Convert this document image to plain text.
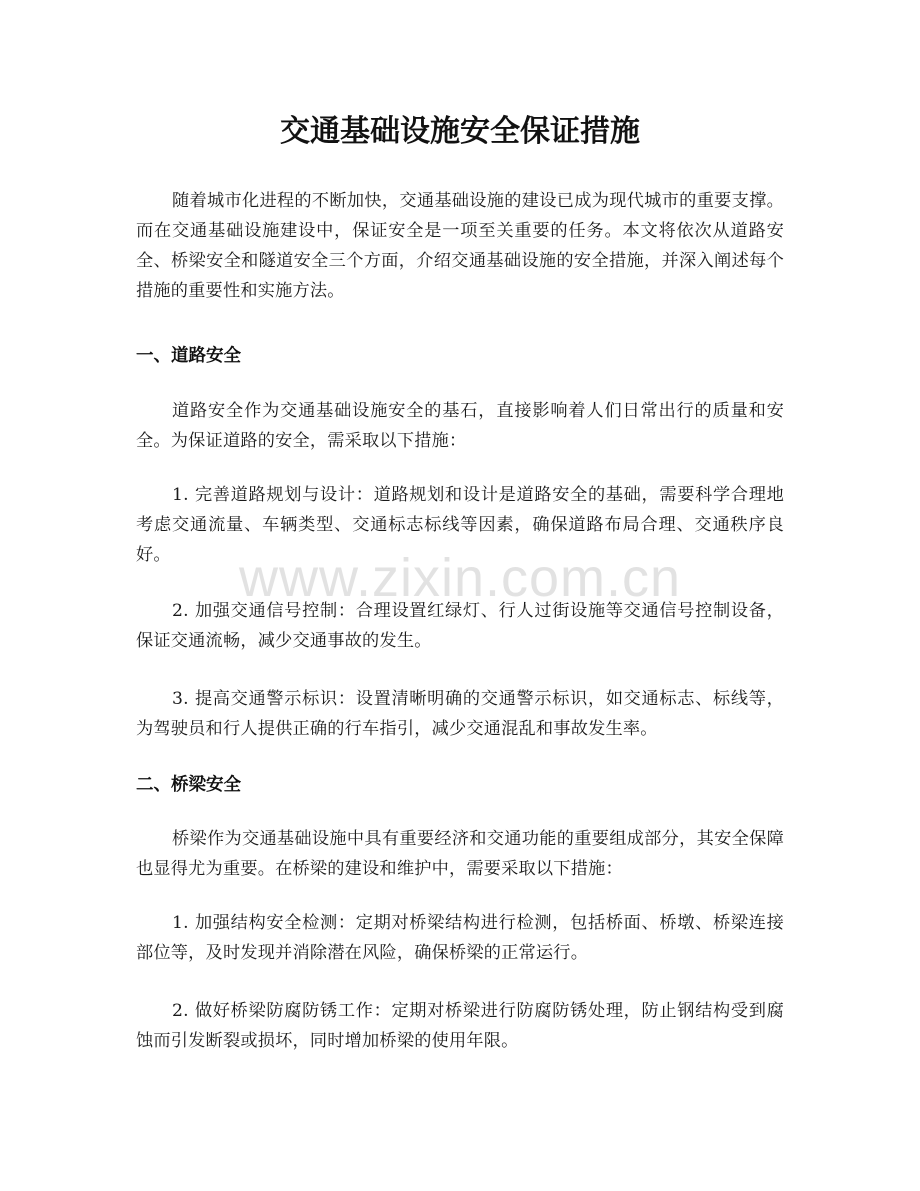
www.zixin.com.cn
交通基础设施安全保证措施

随着城市化进程的不断加快，交通基础设施的建设已成为现代城市的重要支撑。而在交通基础设施建设中，保证安全是一项至关重要的任务。本文将依次从道路安全、桥梁安全和隧道安全三个方面，介绍交通基础设施的安全措施，并深入阐述每个措施的重要性和实施方法。

一、道路安全

道路安全作为交通基础设施安全的基石，直接影响着人们日常出行的质量和安全。为保证道路的安全，需采取以下措施：

1. 完善道路规划与设计：道路规划和设计是道路安全的基础，需要科学合理地考虑交通流量、车辆类型、交通标志标线等因素，确保道路布局合理、交通秩序良好。

2. 加强交通信号控制：合理设置红绿灯、行人过街设施等交通信号控制设备，保证交通流畅，减少交通事故的发生。

3. 提高交通警示标识：设置清晰明确的交通警示标识，如交通标志、标线等，为驾驶员和行人提供正确的行车指引，减少交通混乱和事故发生率。

二、桥梁安全

桥梁作为交通基础设施中具有重要经济和交通功能的重要组成部分，其安全保障也显得尤为重要。在桥梁的建设和维护中，需要采取以下措施：

1. 加强结构安全检测：定期对桥梁结构进行检测，包括桥面、桥墩、桥梁连接部位等，及时发现并消除潜在风险，确保桥梁的正常运行。

2. 做好桥梁防腐防锈工作：定期对桥梁进行防腐防锈处理，防止钢结构受到腐蚀而引发断裂或损坏，同时增加桥梁的使用年限。
